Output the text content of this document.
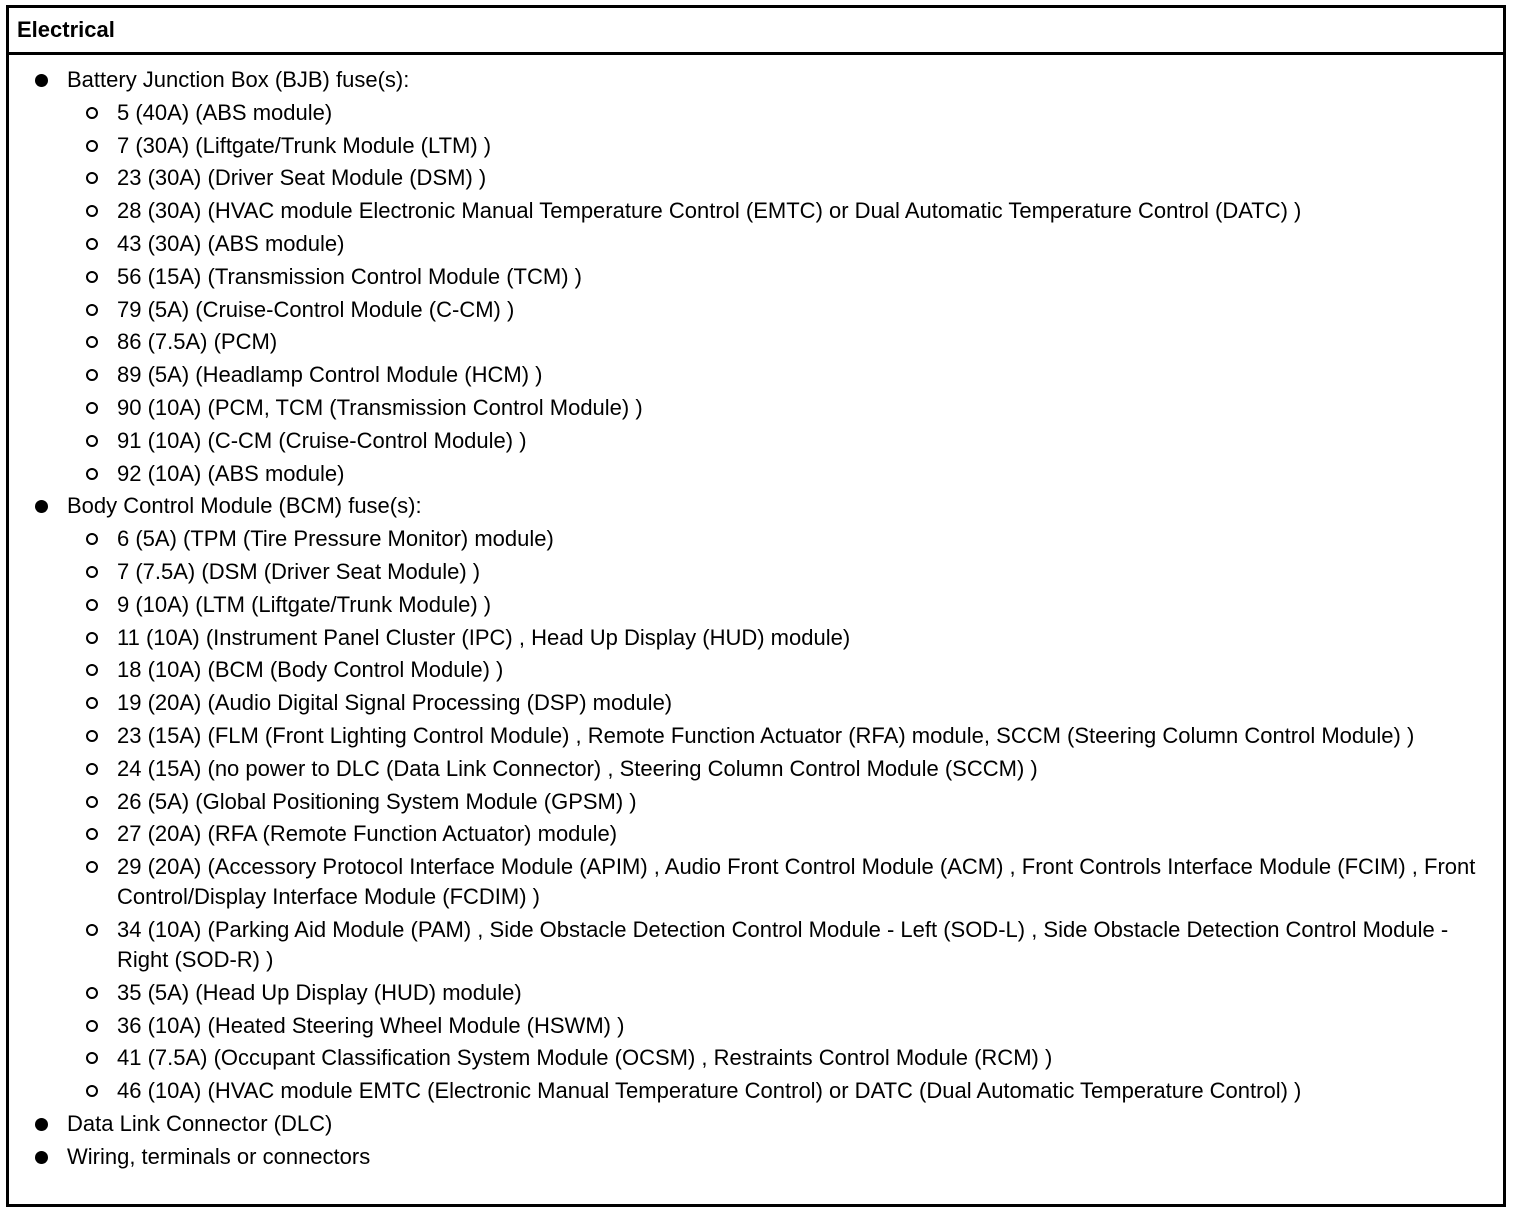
Electrical
Battery Junction Box (BJB) fuse(s):
5 (40A) (ABS module)
7 (30A) (Liftgate/Trunk Module (LTM) )
23 (30A) (Driver Seat Module (DSM) )
28 (30A) (HVAC module Electronic Manual Temperature Control (EMTC) or Dual Automatic Temperature Control (DATC) )
43 (30A) (ABS module)
56 (15A) (Transmission Control Module (TCM) )
79 (5A) (Cruise-Control Module (C-CM) )
86 (7.5A) (PCM)
89 (5A) (Headlamp Control Module (HCM) )
90 (10A) (PCM, TCM (Transmission Control Module) )
91 (10A) (C-CM (Cruise-Control Module) )
92 (10A) (ABS module)
Body Control Module (BCM) fuse(s):
6 (5A) (TPM (Tire Pressure Monitor) module)
7 (7.5A) (DSM (Driver Seat Module) )
9 (10A) (LTM (Liftgate/Trunk Module) )
11 (10A) (Instrument Panel Cluster (IPC) , Head Up Display (HUD) module)
18 (10A) (BCM (Body Control Module) )
19 (20A) (Audio Digital Signal Processing (DSP) module)
23 (15A) (FLM (Front Lighting Control Module) , Remote Function Actuator (RFA) module, SCCM (Steering Column Control Module) )
24 (15A) (no power to DLC (Data Link Connector) , Steering Column Control Module (SCCM) )
26 (5A) (Global Positioning System Module (GPSM) )
27 (20A) (RFA (Remote Function Actuator) module)
29 (20A) (Accessory Protocol Interface Module (APIM) , Audio Front Control Module (ACM) , Front Controls Interface Module (FCIM) , Front Control/Display Interface Module (FCDIM) )
34 (10A) (Parking Aid Module (PAM) , Side Obstacle Detection Control Module - Left (SOD-L) , Side Obstacle Detection Control Module - Right (SOD-R) )
35 (5A) (Head Up Display (HUD) module)
36 (10A) (Heated Steering Wheel Module (HSWM) )
41 (7.5A) (Occupant Classification System Module (OCSM) , Restraints Control Module (RCM) )
46 (10A) (HVAC module EMTC (Electronic Manual Temperature Control) or DATC (Dual Automatic Temperature Control) )
Data Link Connector (DLC)
Wiring, terminals or connectors
